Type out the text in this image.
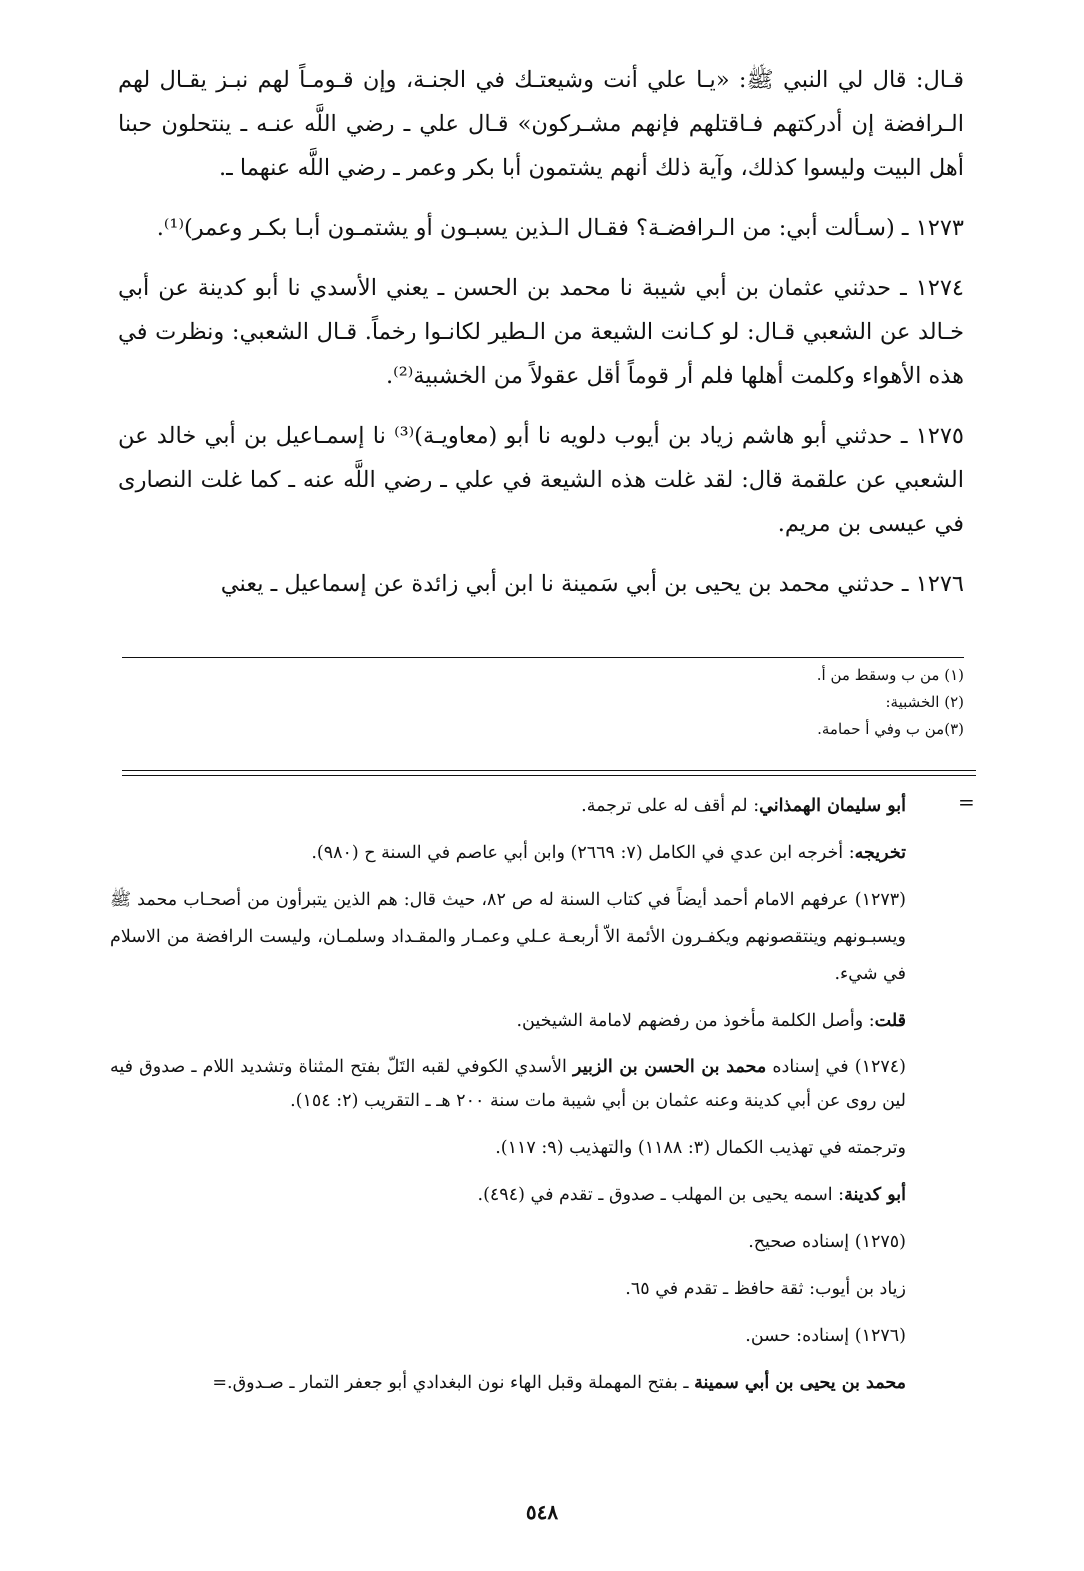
قـال: قال لي النبي ﷺ: «يـا علي أنت وشيعتـك في الجنـة، وإن قـومـاً لهم نبـز يقـال لهم الـرافضة إن أدركتهم فـاقتلهم فإنهم مشـركون» قـال علي ـ رضي اللَّه عنـه ـ ينتحلون حبنا أهل البيت وليسوا كذلك، وآية ذلك أنهم يشتمون أبا بكر وعمر ـ رضي اللَّه عنهما ـ.

١٢٧٣ ـ (سـألت أبي: من الـرافضـة؟ فقـال الـذين يسبـون أو يشتمـون أبـا بكـر وعمر)⁽¹⁾.

١٢٧٤ ـ حدثني عثمان بن أبي شيبة نا محمد بن الحسن ـ يعني الأسدي نا أبو كدينة عن أبي خـالد عن الشعبي قـال: لو كـانت الشيعة من الـطير لكانـوا رخماً. قـال الشعبي: ونظرت في هذه الأهواء وكلمت أهلها فلم أر قوماً أقل عقولاً من الخشبية⁽²⁾.

١٢٧٥ ـ حدثني أبو هاشم زياد بن أيوب دلويه نا أبو (معاويـة)⁽³⁾ نا إسمـاعيل بن أبي خالد عن الشعبي عن علقمة قال: لقد غلت هذه الشيعة في علي ـ رضي اللَّه عنه ـ كما غلت النصارى في عيسى بن مريم.

١٢٧٦ ـ حدثني محمد بن يحيى بن أبي سَمينة نا ابن أبي زائدة عن إسماعيل ـ يعني

(١) من ب وسقط من أ.
(٢) الخشبية:
(٣)من ب وفي أ حمامة.
=

أبو سليمان الهمذاني: لم أقف له على ترجمة.

تخريجه: أخرجه ابن عدي في الكامل (٧: ٢٦٦٩) وابن أبي عاصم في السنة ح (٩٨٠).

(١٢٧٣) عرفهم الامام أحمد أيضاً في كتاب السنة له ص ٨٢، حيث قال: هم الذين يتبرأون من أصحـاب محمد ﷺ ويسبـونهم وينتقصونهم ويكفـرون الأئمة الاّ أربعـة عـلي وعمـار والمقـداد وسلمـان، وليست الرافضة من الاسلام في شيء.

قلت: وأصل الكلمة مأخوذ من رفضهم لامامة الشيخين.

(١٢٧٤) في إسناده محمد بن الحسن بن الزبير الأسدي الكوفي لقبه التَلّ بفتح المثناة وتشديد اللام ـ صدوق فيه لين روى عن أبي كدينة وعنه عثمان بن أبي شيبة مات سنة ٢٠٠ هـ ـ التقريب (٢: ١٥٤).

وترجمته في تهذيب الكمال (٣: ١١٨٨) والتهذيب (٩: ١١٧).

أبو كدينة: اسمه يحيى بن المهلب ـ صدوق ـ تقدم في (٤٩٤).

(١٢٧٥) إسناده صحيح.

زياد بن أيوب: ثقة حافظ ـ تقدم في ٦٥.

(١٢٧٦) إسناده: حسن.

محمد بن يحيى بن أبي سمينة ـ بفتح المهملة وقبل الهاء نون البغدادي أبو جعفر التمار ـ صـدوق.=

٥٤٨
